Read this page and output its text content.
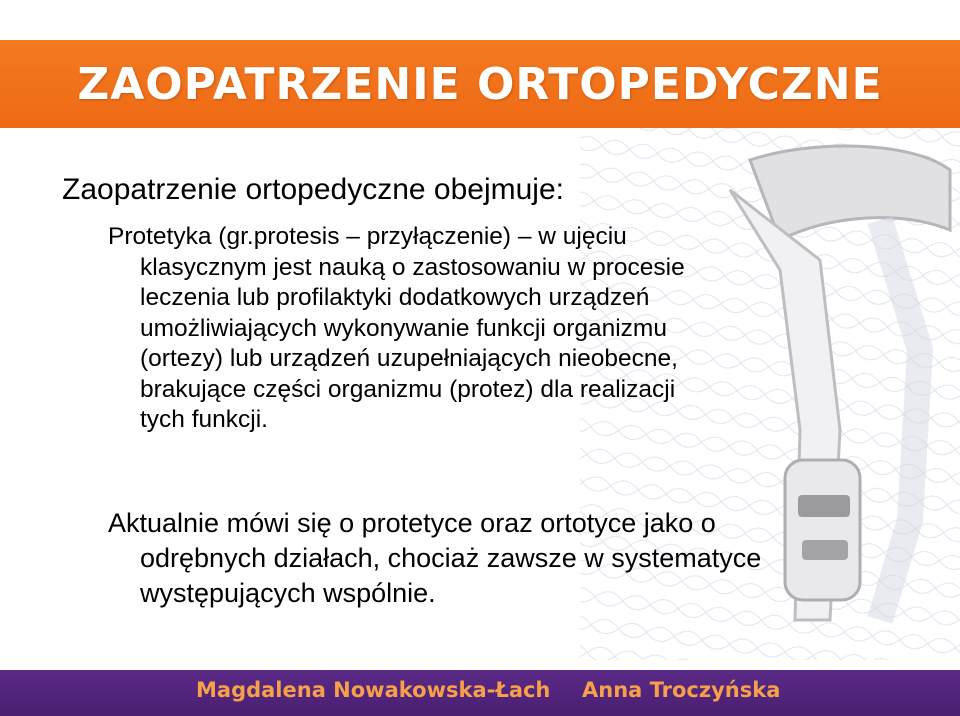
ZAOPATRZENIE ORTOPEDYCZNE
Zaopatrzenie ortopedyczne obejmuje:
Protetyka (gr.protesis – przyłączenie) – w ujęciu
klasycznym jest nauką o zastosowaniu w procesie
leczenia lub profilaktyki dodatkowych urządzeń
umożliwiających wykonywanie funkcji organizmu
(ortezy) lub urządzeń uzupełniających nieobecne,
brakujące części organizmu (protez) dla realizacji
tych funkcji.
Aktualnie mówi się o protetyce oraz ortotyce jako o
odrębnych działach, chociaż zawsze w systematyce
występujących wspólnie.
Magdalena Nowakowska-Łach Anna Troczyńska
